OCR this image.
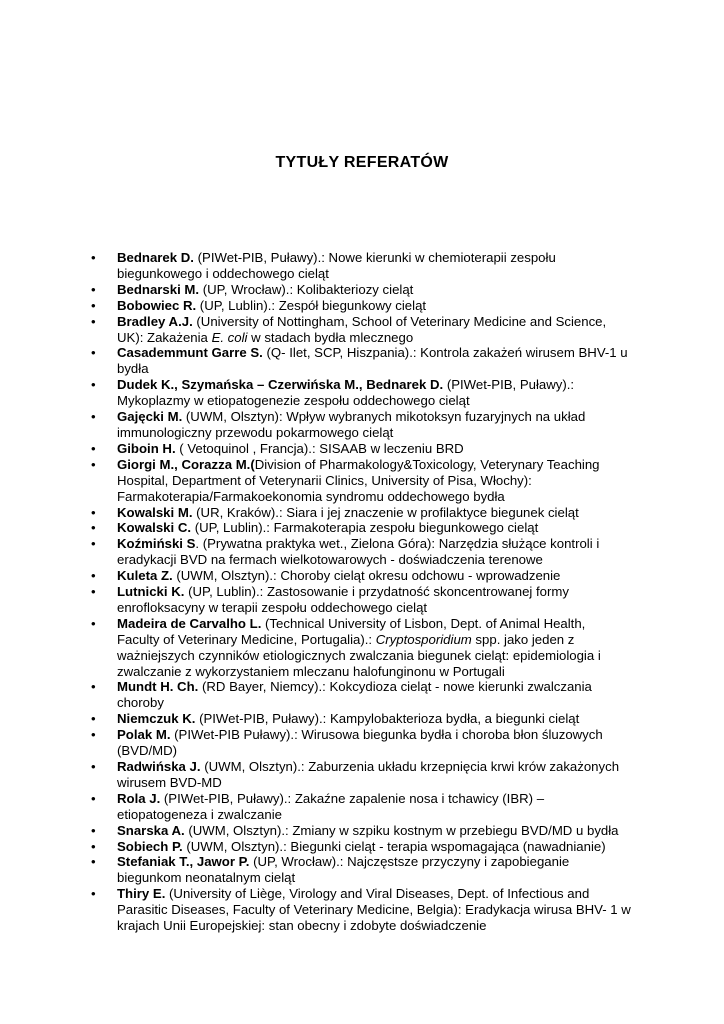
TYTUŁY REFERATÓW
• Bednarek D. (PIWet-PIB, Puławy).: Nowe kierunki w chemioterapii zespołu biegunkowego i oddechowego cieląt
• Bednarski M. (UP, Wrocław).: Kolibakteriozy cieląt
• Bobowiec R. (UP, Lublin).: Zespół biegunkowy cieląt
• Bradley A.J. (University of Nottingham, School of Veterinary Medicine and Science, UK): Zakażenia E. coli w stadach bydła mlecznego
• Casademmunt Garre S. (Q- Ilet, SCP, Hiszpania).: Kontrola zakażeń wirusem BHV-1 u bydła
• Dudek K., Szymańska – Czerwińska M., Bednarek D. (PIWet-PIB, Puławy).: Mykoplazmy w etiopatogenezie zespołu oddechowego cieląt
• Gajęcki M. (UWM, Olsztyn): Wpływ wybranych mikotoksyn fuzaryjnych na układ immunologiczny przewodu pokarmowego cieląt
• Giboin H. ( Vetoquinol , Francja).: SISAAB w leczeniu BRD
• Giorgi M., Corazza M.(Division of Pharmakology&Toxicology, Veterynary Teaching Hospital, Department of Veterynarii Clinics, University of Pisa, Włochy): Farmakoterapia/Farmakoekonomia syndromu oddechowego bydła
• Kowalski M. (UR, Kraków).: Siara i jej znaczenie w profilaktyce biegunek cieląt
• Kowalski C. (UP, Lublin).: Farmakoterapia zespołu biegunkowego cieląt
• Koźmiński S. (Prywatna praktyka wet., Zielona Góra): Narzędzia służące kontroli i eradykacji BVD na fermach wielkotowarowych - doświadczenia terenowe
• Kuleta Z. (UWM, Olsztyn).: Choroby cieląt okresu odchowu - wprowadzenie
• Lutnicki K. (UP, Lublin).: Zastosowanie i przydatność skoncentrowanej formy enrofloksacyny w terapii zespołu oddechowego cieląt
• Madeira de Carvalho L. (Technical University of Lisbon, Dept. of Animal Health, Faculty of Veterinary Medicine, Portugalia).: Cryptosporidium spp. jako jeden z ważniejszych czynników etiologicznych zwalczania biegunek cieląt: epidemiologia i zwalczanie z wykorzystaniem mleczanu halofunginonu w Portugali
• Mundt H. Ch. (RD Bayer, Niemcy).: Kokcydioza cieląt - nowe kierunki zwalczania choroby
• Niemczuk K. (PIWet-PIB, Puławy).: Kampylobakterioza bydła, a biegunki cieląt
• Polak M. (PIWet-PIB Puławy).: Wirusowa biegunka bydła i choroba błon śluzowych (BVD/MD)
• Radwińska J. (UWM, Olsztyn).: Zaburzenia układu krzepnięcia krwi krów zakażonych wirusem BVD-MD
• Rola J. (PIWet-PIB, Puławy).: Zakaźne zapalenie nosa i tchawicy (IBR) – etiopatogeneza i zwalczanie
• Snarska A. (UWM, Olsztyn).: Zmiany w szpiku kostnym w przebiegu BVD/MD u bydła
• Sobiech P. (UWM, Olsztyn).: Biegunki cieląt - terapia wspomagająca (nawadnianie)
• Stefaniak T., Jawor P. (UP, Wrocław).: Najczęstsze przyczyny i zapobieganie biegunkom neonatalnym cieląt
• Thiry E. (University of Liège, Virology and Viral Diseases, Dept. of Infectious and Parasitic Diseases, Faculty of Veterinary Medicine, Belgia): Eradykacja wirusa BHV- 1 w krajach Unii Europejskiej: stan obecny i zdobyte doświadczenie
